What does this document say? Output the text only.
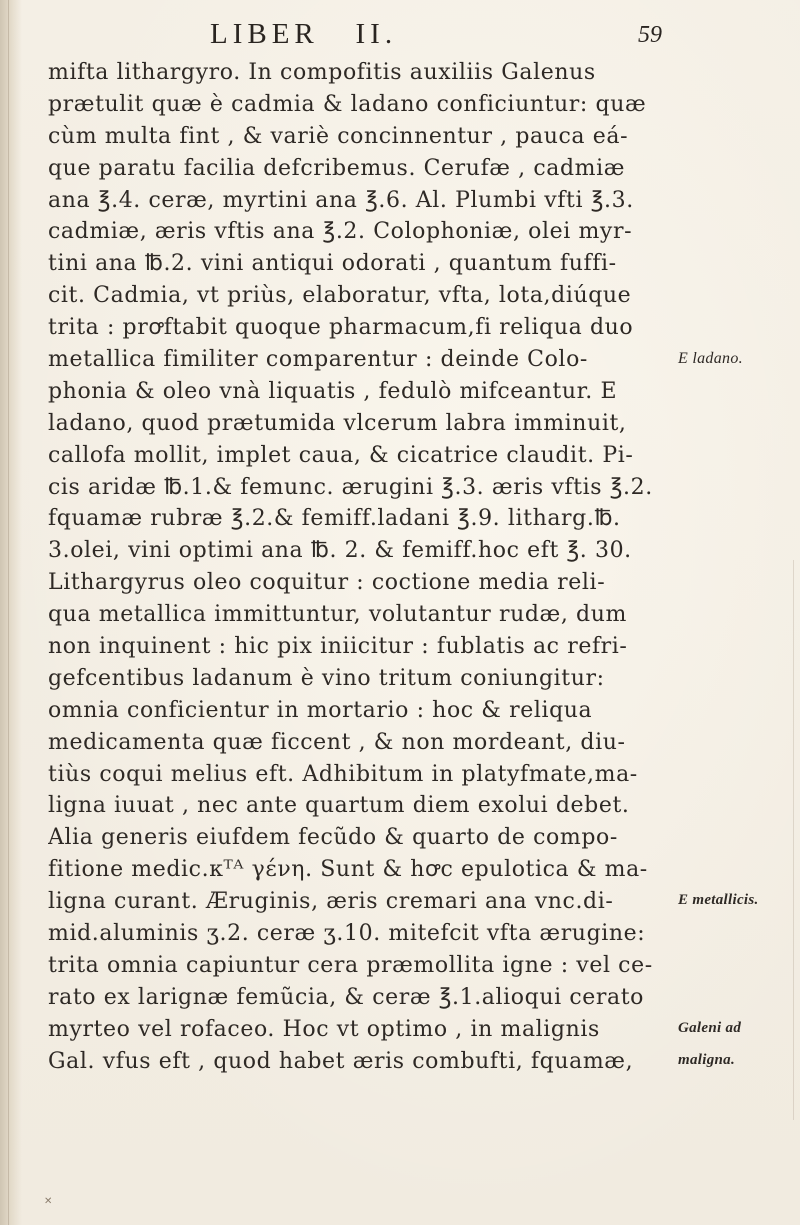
LIBER   II.	59
mifta lithargyro. In compofitis auxiliis Galenus
prætulit quæ è cadmia & ladano conficiuntur: quæ
cùm multa fint , & variè concinnentur , pauca eá-
que paratu facilia defcribemus. Cerufæ , cadmiæ
ana ℥.4. ceræ, myrtini ana ℥.6. Al. Plumbi vfti ℥.3.
cadmiæ, æris vftis ana ℥.2. Colophoniæ, olei myr-
tini ana ℔.2. vini antiqui odorati , quantum fuffi-
cit. Cadmia, vt priùs, elaboratur, vfta, lota,diúque
trita : prꝍftabit quoque pharmacum,fi reliqua duo
metallica fimiliter comparentur : deinde Colo-
phonia & oleo vnà liquatis , fedulò mifceantur. E
ladano, quod prætumida vlcerum labra imminuit,
callofa mollit, implet caua, & cicatrice claudit. Pi-
cis aridæ ℔.1.& femunc. ærugini ℥.3. æris vftis ℥.2.
fquamæ rubræ ℥.2.& femiff.ladani ℥.9. litharg.℔.
3.olei, vini optimi ana ℔. 2. & femiff.hoc eft ℥. 30.
Lithargyrus oleo coquitur : coctione media reli-
qua metallica immittuntur, volutantur rudæ, dum
non inquinent : hic pix iniicitur : fublatis ac refri-
gefcentibus ladanum è vino tritum coniungitur:
omnia conficientur in mortario : hoc & reliqua
medicamenta quæ ficcent , & non mordeant, diu-
tiùs coqui melius eft. Adhibitum in platyfmate,ma-
ligna iuuat , nec ante quartum diem exolui debet.
Alia generis eiufdem fecũdo & quarto de compo-
fitione medic.κᵀᴬ γένη. Sunt & hꝍc epulotica & ma-
ligna curant. Æruginis, æris cremari ana vnc.di-
mid.aluminis ʒ.2. ceræ ʒ.10. mitefcit vfta ærugine:
trita omnia capiuntur cera præmollita igne : vel ce-
rato ex larignæ femũcia, & ceræ ℥.1.alioqui cerato
myrteo vel rofaceo. Hoc vt optimo , in malignis
Gal. vfus eft , quod habet æris combufti, fquamæ,
E ladano.
E metallicis.
Galeni ad
maligna.
✕
